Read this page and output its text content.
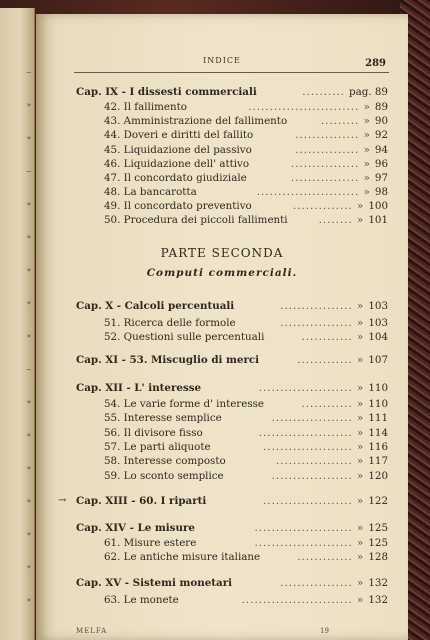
—
»
»
—
»
»
»
»
»
—
»
»
»
»
»
»
»
INDICE	289
PARTE SECONDA
Computi commerciali.
MELFA	19
Cap. IX - I dissesti commerciali	.......... pag. 89
42. Il fallimento	.......................... » 89
43. Amministrazione del fallimento	......... » 90
44. Doveri e diritti del fallito	............... » 92
45. Liquidazione del passivo	............... » 94
46. Liquidazione dell' attivo	................ » 96
47. Il concordato giudiziale	................ » 97
48. La bancarotta	........................ » 98
49. Il concordato preventivo	.............. » 100
50. Procedura dei piccoli fallimenti	........ » 101
Cap. X - Calcoli percentuali	................. » 103
51. Ricerca delle formole	................. » 103
52. Questioni sulle percentuali	............ » 104
Cap. XI - 53. Miscuglio di merci	............. » 107
Cap. XII - L' interesse	...................... » 110
54. Le varie forme d' interesse	............ » 110
55. Interesse semplice	................... » 111
56. Il divisore fisso	...................... » 114
57. Le parti aliquote	..................... » 116
58. Interesse composto	.................. » 117
59. Lo sconto semplice	................... » 120
Cap. XIII - 60. I riparti	..................... » 122
Cap. XIV - Le misure	....................... » 125
61. Misure estere	....................... » 125
62. Le antiche misure italiane	............. » 128
Cap. XV - Sistemi monetari	................. » 132
63. Le monete	.......................... » 132
→
